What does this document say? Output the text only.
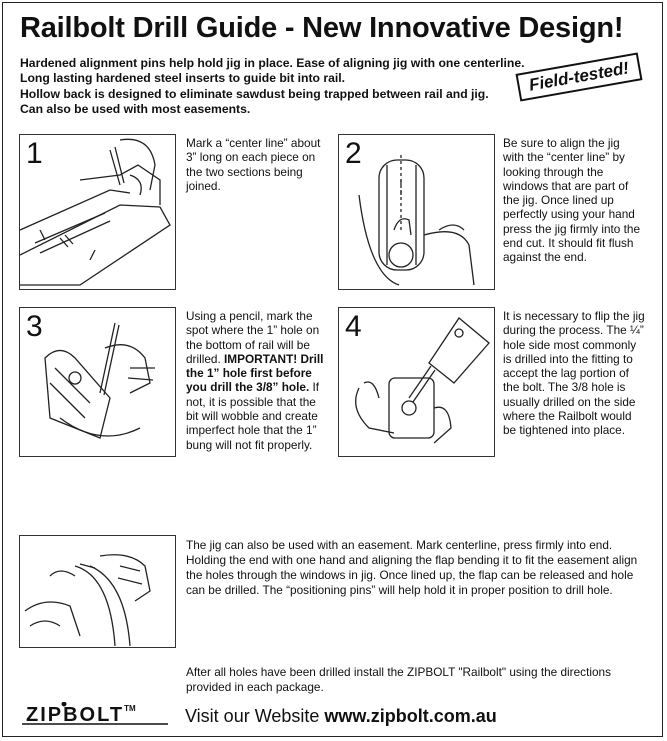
Railbolt Drill Guide - New Innovative Design!
Hardened alignment pins help hold jig in place. Ease of aligning jig with one centerline.
Long lasting hardened steel inserts to guide bit into rail.
Hollow back is designed to eliminate sawdust being trapped between rail and jig.
Can also be used with most easements.
Field-tested!
1	Mark a “center line” about 3” long on each piece on the two sections being joined.
2	Be sure to align the jig with the “center line” by looking through the windows that are part of the jig. Once lined up perfectly using your hand press the jig firmly into the end cut. It should fit flush against the end.
3	Using a pencil, mark the spot where the 1” hole on the bottom of rail will be drilled. IMPORTANT! Drill the 1” hole first before you drill the 3/8” hole. If not, it is possible that the bit will wobble and create imperfect hole that the 1” bung will not fit properly.
4	It is necessary to flip the jig during the process. The ¼” hole side most commonly is drilled into the fitting to accept the lag portion of the bolt. The 3/8 hole is usually drilled on the side where the Railbolt would be tightened into place.
The jig can also be used with an easement. Mark centerline, press firmly into end. Holding the end with one hand and aligning the flap bending it to fit the easement align the holes through the windows in jig. Once lined up, the flap can be released and hole can be drilled. The “positioning pins” will help hold it in proper position to drill hole.
After all holes have been drilled install the ZIPBOLT "Railbolt" using the directions provided in each package.
ZIPBOLT™	Visit our Website www.zipbolt.com.au
